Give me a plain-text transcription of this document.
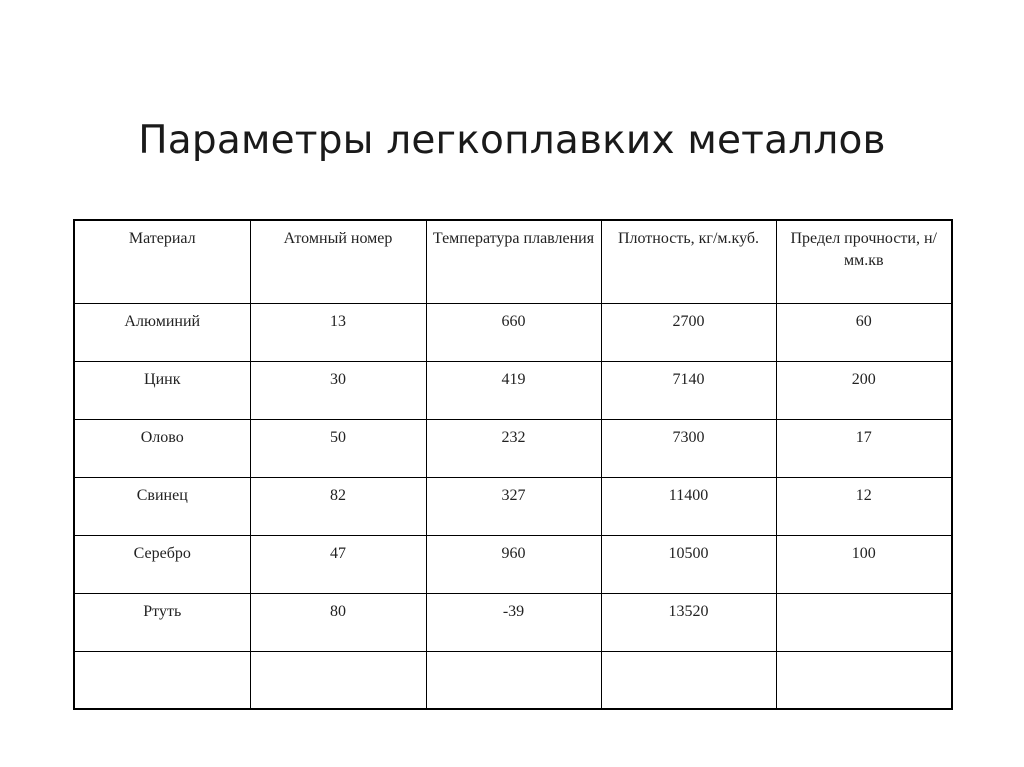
Параметры легкоплавких металлов
Материал	Атомный номер	Температура плавления	Плотность, кг/м.куб.	Предел прочности, н/мм.кв
Алюминий	13	660	2700	60
Цинк	30	419	7140	200
Олово	50	232	7300	17
Свинец	82	327	11400	12
Серебро	47	960	10500	100
Ртуть	80	-39	13520	
